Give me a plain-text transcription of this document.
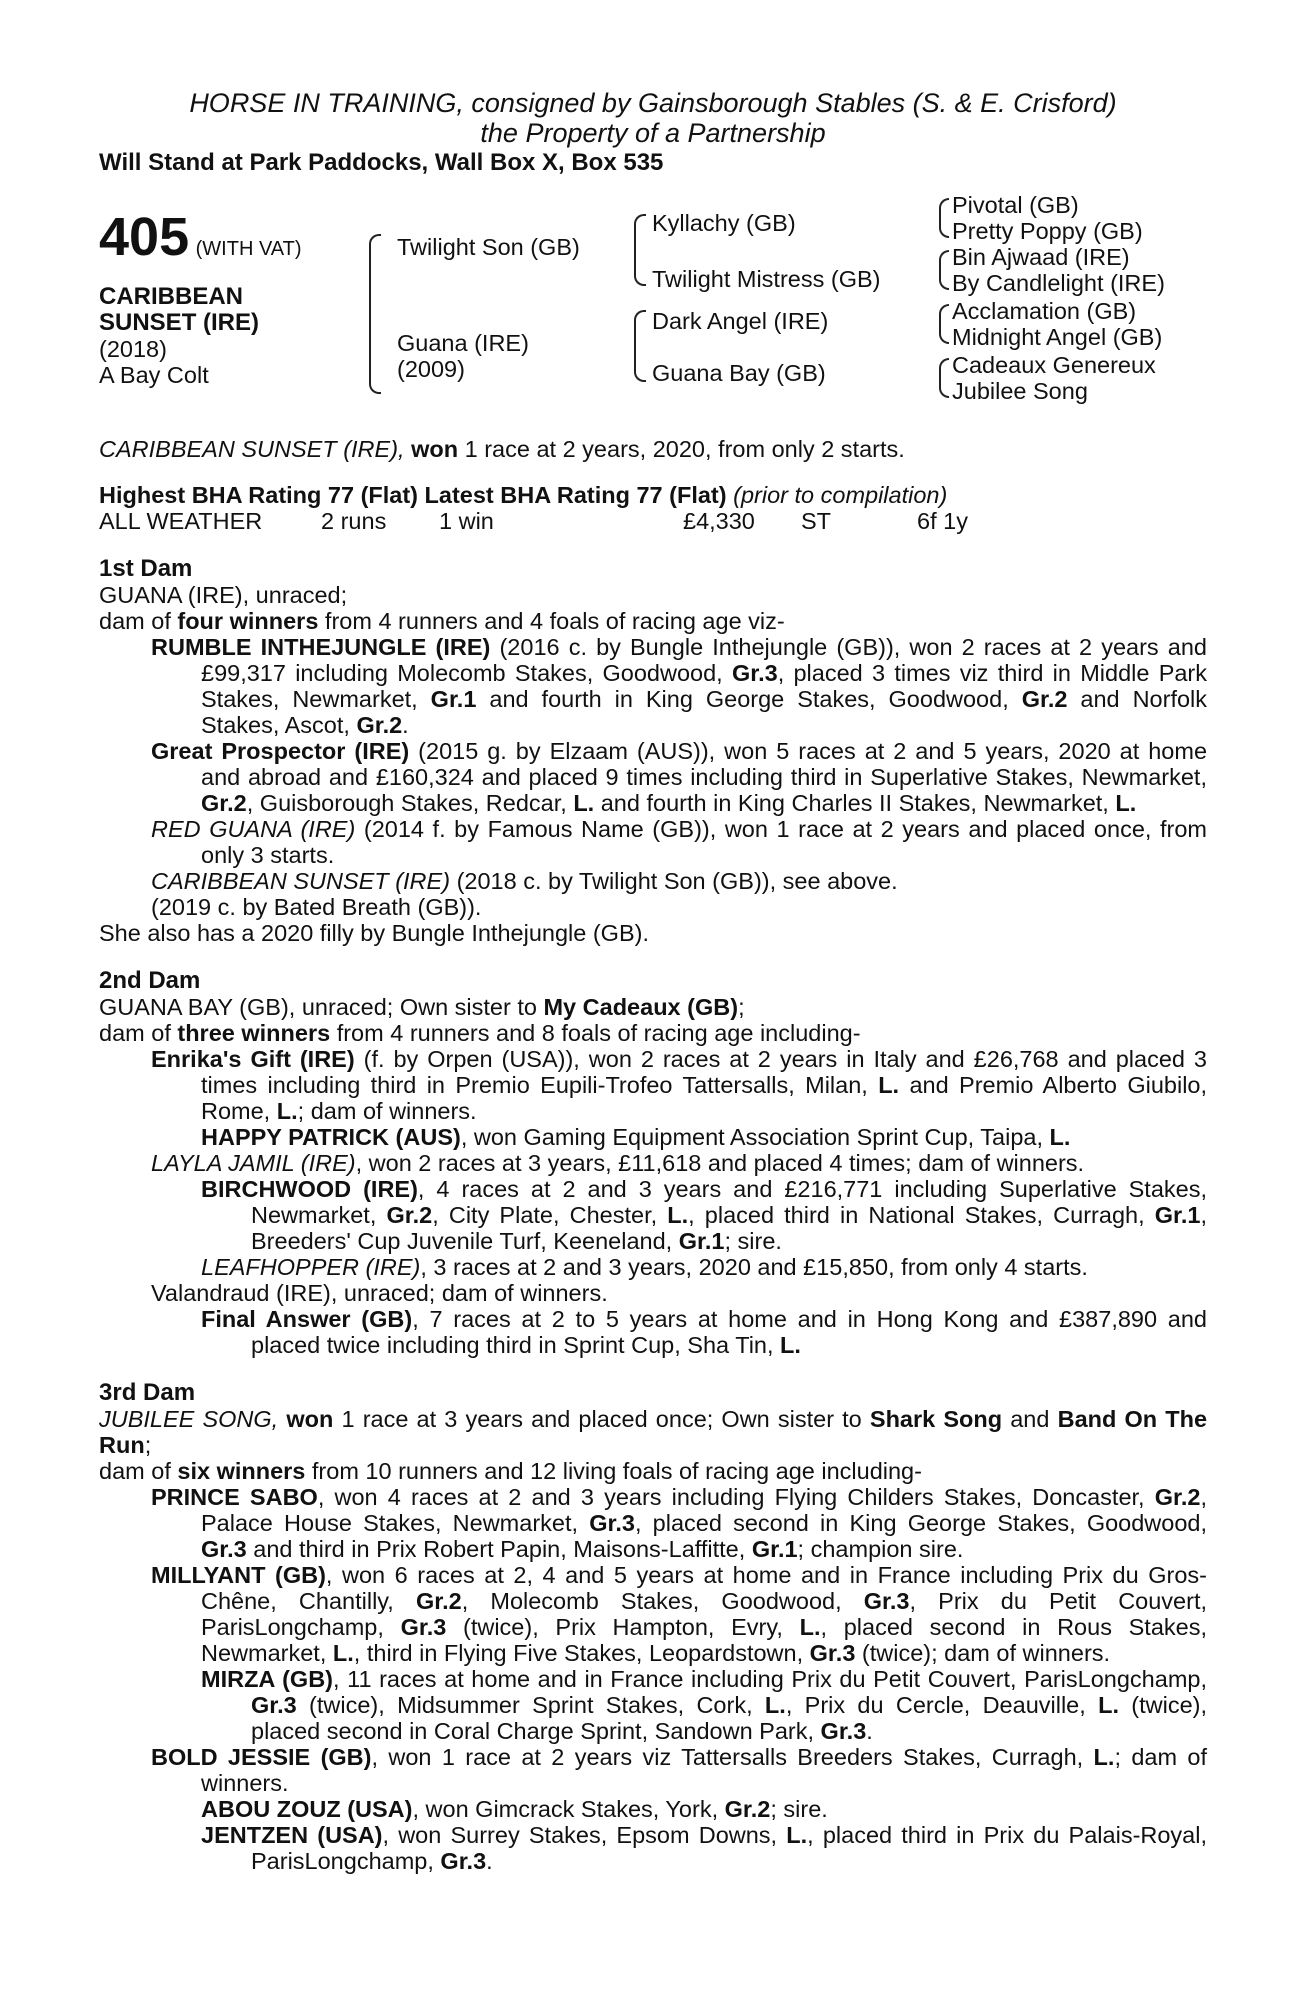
HORSE IN TRAINING, consigned by Gainsborough Stables (S. & E. Crisford)
the Property of a Partnership
Will Stand at Park Paddocks, Wall Box X, Box 535
405 (WITH VAT)
CARIBBEAN
SUNSET (IRE)
(2018)
A Bay Colt
Twilight Son (GB)
Guana (IRE)
(2009)
Kyllachy (GB)
Twilight Mistress (GB)
Dark Angel (IRE)
Guana Bay (GB)
Pivotal (GB)
Pretty Poppy (GB)
Bin Ajwaad (IRE)
By Candlelight (IRE)
Acclamation (GB)
Midnight Angel (GB)
Cadeaux Genereux
Jubilee Song

CARIBBEAN SUNSET (IRE), won 1 race at 2 years, 2020, from only 2 starts.

Highest BHA Rating 77 (Flat) Latest BHA Rating 77 (Flat) (prior to compilation)

ALL WEATHER	2 runs 1 win	£4,330 ST	6f 1y
1st Dam

GUANA (IRE), unraced;

dam of four winners from 4 runners and 4 foals of racing age viz-

RUMBLE INTHEJUNGLE (IRE) (2016 c. by Bungle Inthejungle (GB)), won 2 races at 2 years and £99,317 including Molecomb Stakes, Goodwood, Gr.3, placed 3 times viz third in Middle Park Stakes, Newmarket, Gr.1 and fourth in King George Stakes, Goodwood, Gr.2 and Norfolk Stakes, Ascot, Gr.2.

Great Prospector (IRE) (2015 g. by Elzaam (AUS)), won 5 races at 2 and 5 years, 2020 at home and abroad and £160,324 and placed 9 times including third in Superlative Stakes, Newmarket, Gr.2, Guisborough Stakes, Redcar, L. and fourth in King Charles II Stakes, Newmarket, L.

RED GUANA (IRE) (2014 f. by Famous Name (GB)), won 1 race at 2 years and placed once, from only 3 starts.

CARIBBEAN SUNSET (IRE) (2018 c. by Twilight Son (GB)), see above.

(2019 c. by Bated Breath (GB)).

She also has a 2020 filly by Bungle Inthejungle (GB).

2nd Dam

GUANA BAY (GB), unraced; Own sister to My Cadeaux (GB);

dam of three winners from 4 runners and 8 foals of racing age including-

Enrika's Gift (IRE) (f. by Orpen (USA)), won 2 races at 2 years in Italy and £26,768 and placed 3 times including third in Premio Eupili-Trofeo Tattersalls, Milan, L. and Premio Alberto Giubilo, Rome, L.; dam of winners.

HAPPY PATRICK (AUS), won Gaming Equipment Association Sprint Cup, Taipa, L.

LAYLA JAMIL (IRE), won 2 races at 3 years, £11,618 and placed 4 times; dam of winners.

BIRCHWOOD (IRE), 4 races at 2 and 3 years and £216,771 including Superlative Stakes, Newmarket, Gr.2, City Plate, Chester, L., placed third in National Stakes, Curragh, Gr.1, Breeders' Cup Juvenile Turf, Keeneland, Gr.1; sire.

LEAFHOPPER (IRE), 3 races at 2 and 3 years, 2020 and £15,850, from only 4 starts.

Valandraud (IRE), unraced; dam of winners.

Final Answer (GB), 7 races at 2 to 5 years at home and in Hong Kong and £387,890 and placed twice including third in Sprint Cup, Sha Tin, L.

3rd Dam

JUBILEE SONG, won 1 race at 3 years and placed once; Own sister to Shark Song and Band On The Run;

dam of six winners from 10 runners and 12 living foals of racing age including-

PRINCE SABO, won 4 races at 2 and 3 years including Flying Childers Stakes, Doncaster, Gr.2, Palace House Stakes, Newmarket, Gr.3, placed second in King George Stakes, Goodwood, Gr.3 and third in Prix Robert Papin, Maisons-Laffitte, Gr.1; champion sire.

MILLYANT (GB), won 6 races at 2, 4 and 5 years at home and in France including Prix du Gros-Chêne, Chantilly, Gr.2, Molecomb Stakes, Goodwood, Gr.3, Prix du Petit Couvert, ParisLongchamp, Gr.3 (twice), Prix Hampton, Evry, L., placed second in Rous Stakes, Newmarket, L., third in Flying Five Stakes, Leopardstown, Gr.3 (twice); dam of winners.

MIRZA (GB), 11 races at home and in France including Prix du Petit Couvert, ParisLongchamp, Gr.3 (twice), Midsummer Sprint Stakes, Cork, L., Prix du Cercle, Deauville, L. (twice), placed second in Coral Charge Sprint, Sandown Park, Gr.3.

BOLD JESSIE (GB), won 1 race at 2 years viz Tattersalls Breeders Stakes, Curragh, L.; dam of winners.

ABOU ZOUZ (USA), won Gimcrack Stakes, York, Gr.2; sire.

JENTZEN (USA), won Surrey Stakes, Epsom Downs, L., placed third in Prix du Palais-Royal, ParisLongchamp, Gr.3.
